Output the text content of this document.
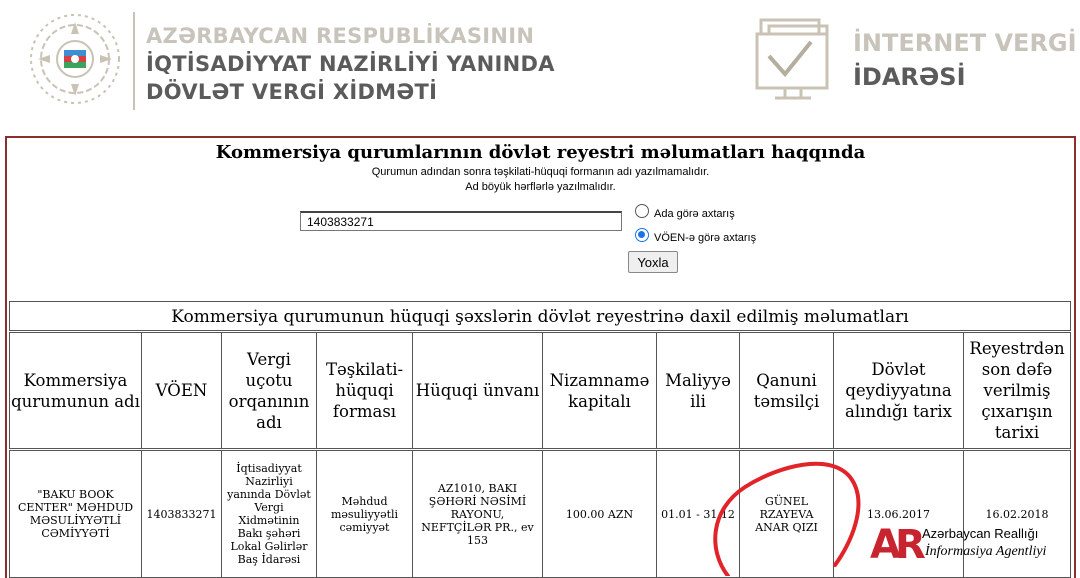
AZƏRBAYCAN RESPUBLİKASININ
İQTİSADİYYAT NAZİRLİYİ YANINDA
DÖVLƏT VERGİ XİDMƏTİ
İNTERNET VERGİ
İDARƏSİ
Kommersiya qurumlarının dövlət reyestri məlumatları haqqında
Qurumun adından sonra təşkilati-hüquqi formanın adı yazılmamalıdır.
Ad böyük hərflərlə yazılmalıdır.
1403833271
Ada görə axtarış
VÖEN-ə görə axtarış
Yoxla
Kommersiya qurumunun hüquqi şəxslərin dövlət reyestrinə daxil edilmiş məlumatları
Kommersiya qurumunun adı
VÖEN
Vergi uçotu orqanının adı
Təşkilati-hüquqi forması
Hüquqi ünvanı
Nizamnamə kapitalı
Maliyyə ili
Qanuni təmsilçi
Dövlət qeydiyyatına alındığı tarix
Reyestrdən son dəfə verilmiş çıxarışın tarixi
"BAKU BOOK CENTER" MƏHDUD MƏSULİYYƏTLİ CƏMİYYƏTİ
1403833271
İqtisadiyyat Nazirliyi yanında Dövlət Vergi Xidmətinin Bakı şəhəri Lokal Gəlirlər Baş İdarəsi
Məhdud məsuliyyətli cəmiyyət
AZ1010, BAKI ŞƏHƏRİ NƏSİMİ RAYONU, NEFTÇİLƏR PR., ev 153
100.00 AZN	01.01 - 31.12
GÜNEL RZAYEVA ANAR QIZI
13.06.2017	16.02.2018
AR Azərbaycan Reallığı
İnformasiya Agentliyi
